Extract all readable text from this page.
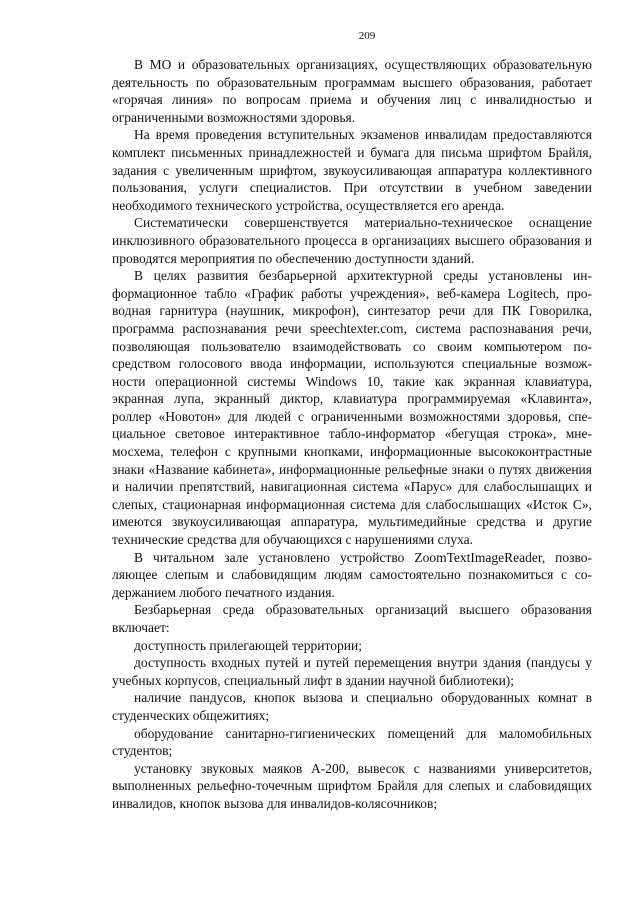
209

В МО и образовательных организациях, осуществляющих образовательную деятельность по образовательным программам высшего образования, работает «горячая линия» по вопросам приема и обучения лиц с инвалидностью и ограниченными возможностями здоровья.

На время проведения вступительных экзаменов инвалидам предоставляются комплект письменных принадлежностей и бумага для письма шрифтом Брайля, задания с увеличенным шрифтом, звукоусиливающая аппаратура коллективного пользования, услуги специалистов. При отсутствии в учебном заведении необходимого технического устройства, осуществляется его аренда.

Систематически совершенствуется материально-техническое оснащение инклюзивного образовательного процесса в организациях высшего образования и проводятся мероприятия по обеспечению доступности зданий.

В целях развития безбарьерной архитектурной среды установлены информационное табло «График работы учреждения», веб-камера Logitech, проводная гарнитура (наушник, микрофон), синтезатор речи для ПК Говорилка, программа распознавания речи speechtexter.com, система распознавания речи, позволяющая пользователю взаимодействовать со своим компьютером посредством голосового ввода информации, используются специальные возможности операционной системы Windows 10, такие как экранная клавиатура, экранная лупа, экранный диктор, клавиатура программируемая «Клавинта», роллер «Новотон» для людей с ограниченными возможностями здоровья, специальное световое интерактивное табло-информатор «бегущая строка», мнемосхема, телефон с крупными кнопками, информационные высококонтрастные знаки «Название кабинета», информационные рельефные знаки о путях движения и наличии препятствий, навигационная система «Парус» для слабослышащих и слепых, стационарная информационная система для слабослышащих «Исток С», имеются звукоусиливающая аппаратура, мультимедийные средства и другие технические средства для обучающихся с нарушениями слуха.

В читальном зале установлено устройство ZoomTextImageReader, позволяющее слепым и слабовидящим людям самостоятельно познакомиться с содержанием любого печатного издания.

Безбарьерная среда образовательных организаций высшего образования включает:

доступность прилегающей территории;

доступность входных путей и путей перемещения внутри здания (пандусы у учебных корпусов, специальный лифт в здании научной библиотеки);

наличие пандусов, кнопок вызова и специально оборудованных комнат в студенческих общежитиях;

оборудование санитарно-гигиенических помещений для маломобильных студентов;

установку звуковых маяков А-200, вывесок с названиями университетов, выполненных рельефно-точечным шрифтом Брайля для слепых и слабовидящих инвалидов, кнопок вызова для инвалидов-колясочников;
